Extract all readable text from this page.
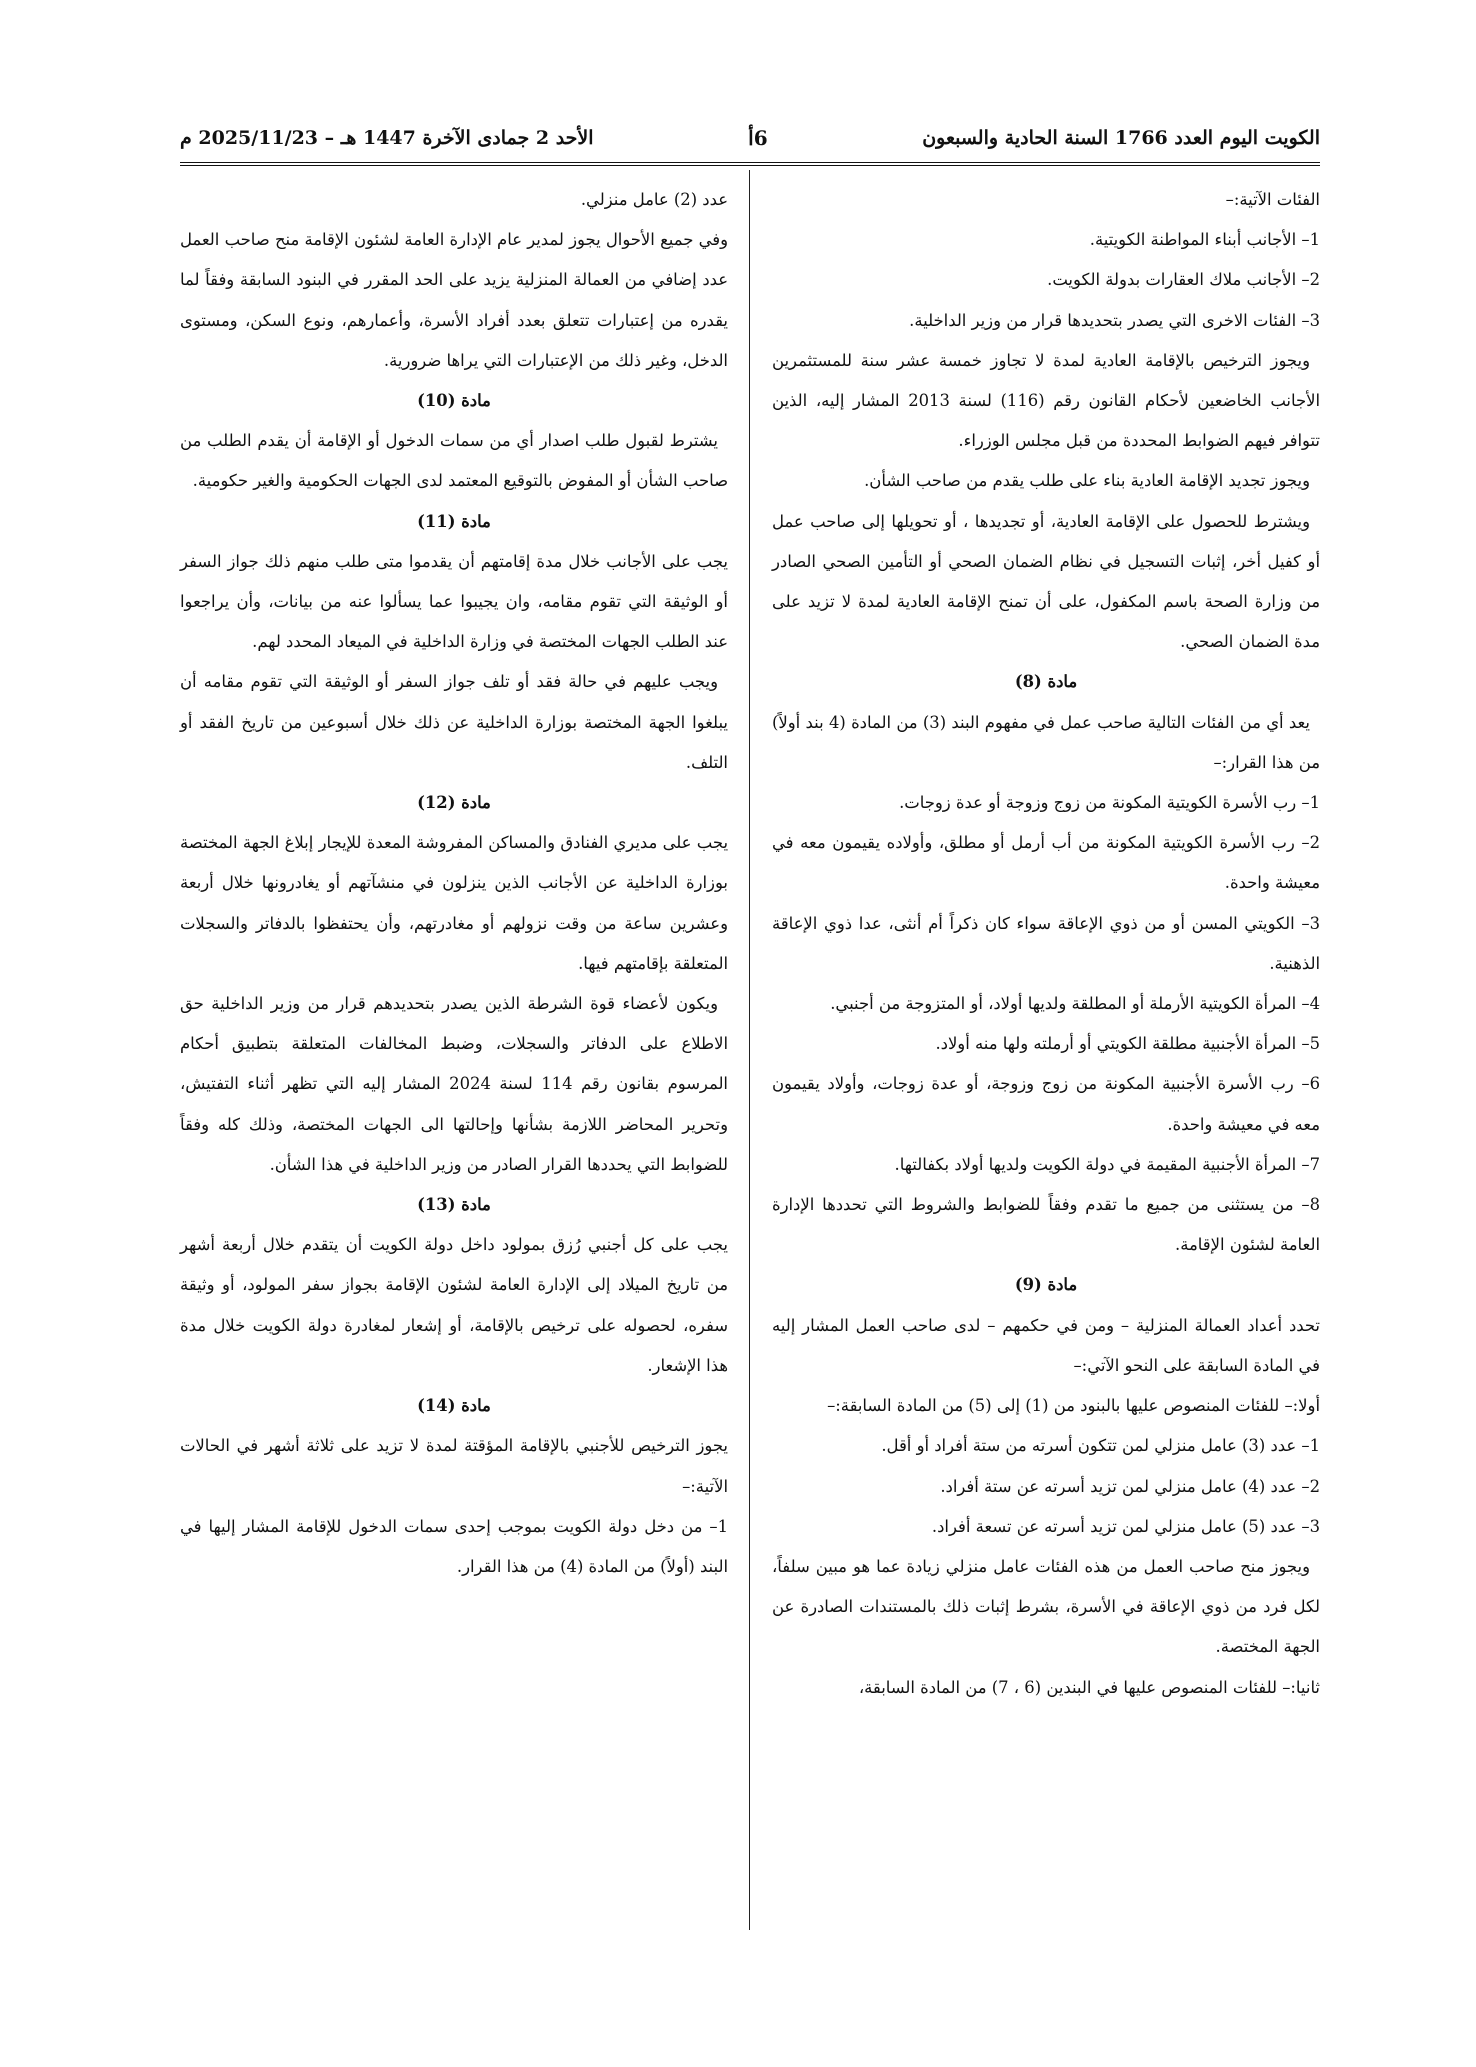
الكويت اليوم العدد 1766 السنة الحادية والسبعون
6أ
الأحد 2 جمادى الآخرة 1447 هـ – 2025/11/23 م

الفئات الآتية:–

1– الأجانب أبناء المواطنة الكويتية.

2– الأجانب ملاك العقارات بدولة الكويت.

3– الفئات الاخرى التي يصدر بتحديدها قرار من وزير الداخلية.

ويجوز الترخيص بالإقامة العادية لمدة لا تجاوز خمسة عشر سنة للمستثمرين الأجانب الخاضعين لأحكام القانون رقم (116) لسنة 2013 المشار إليه، الذين تتوافر فيهم الضوابط المحددة من قبل مجلس الوزراء.

ويجوز تجديد الإقامة العادية بناء على طلب يقدم من صاحب الشأن.

ويشترط للحصول على الإقامة العادية، أو تجديدها ، أو تحويلها إلى صاحب عمل أو كفيل أخر، إثبات التسجيل في نظام الضمان الصحي أو التأمين الصحي الصادر من وزارة الصحة باسم المكفول، على أن تمنح الإقامة العادية لمدة لا تزيد على مدة الضمان الصحي.

مادة (8)

يعد أي من الفئات التالية صاحب عمل في مفهوم البند (3) من المادة (4 بند أولاً) من هذا القرار:–

1– رب الأسرة الكويتية المكونة من زوج وزوجة أو عدة زوجات.

2– رب الأسرة الكويتية المكونة من أب أرمل أو مطلق، وأولاده يقيمون معه في معيشة واحدة.

3– الكويتي المسن أو من ذوي الإعاقة سواء كان ذكراً أم أنثى، عدا ذوي الإعاقة الذهنية.

4– المرأة الكويتية الأرملة أو المطلقة ولديها أولاد، أو المتزوجة من أجنبي.

5– المرأة الأجنبية مطلقة الكويتي أو أرملته ولها منه أولاد.

6– رب الأسرة الأجنبية المكونة من زوج وزوجة، أو عدة زوجات، وأولاد يقيمون معه في معيشة واحدة.

7– المرأة الأجنبية المقيمة في دولة الكويت ولديها أولاد بكفالتها.

8– من يستثنى من جميع ما تقدم وفقاً للضوابط والشروط التي تحددها الإدارة العامة لشئون الإقامة.

مادة (9)

تحدد أعداد العمالة المنزلية – ومن في حكمهم – لدى صاحب العمل المشار إليه في المادة السابقة على النحو الآتي:–

أولا:– للفئات المنصوص عليها بالبنود من (1) إلى (5) من المادة السابقة:–

1– عدد (3) عامل منزلي لمن تتكون أسرته من ستة أفراد أو أقل.

2– عدد (4) عامل منزلي لمن تزيد أسرته عن ستة أفراد.

3– عدد (5) عامل منزلي لمن تزيد أسرته عن تسعة أفراد.

ويجوز منح صاحب العمل من هذه الفئات عامل منزلي زيادة عما هو مبين سلفاً، لكل فرد من ذوي الإعاقة في الأسرة، بشرط إثبات ذلك بالمستندات الصادرة عن الجهة المختصة.

ثانيا:– للفئات المنصوص عليها في البندين (6 ، 7) من المادة السابقة،

عدد (2) عامل منزلي.

وفي جميع الأحوال يجوز لمدير عام الإدارة العامة لشئون الإقامة منح صاحب العمل عدد إضافي من العمالة المنزلية يزيد على الحد المقرر في البنود السابقة وفقاً لما يقدره من إعتبارات تتعلق بعدد أفراد الأسرة، وأعمارهم، ونوع السكن، ومستوى الدخل، وغير ذلك من الإعتبارات التي يراها ضرورية.

مادة (10)

يشترط لقبول طلب اصدار أي من سمات الدخول أو الإقامة أن يقدم الطلب من صاحب الشأن أو المفوض بالتوقيع المعتمد لدى الجهات الحكومية والغير حكومية.

مادة (11)

يجب على الأجانب خلال مدة إقامتهم أن يقدموا متى طلب منهم ذلك جواز السفر أو الوثيقة التي تقوم مقامه، وان يجيبوا عما يسألوا عنه من بيانات، وأن يراجعوا عند الطلب الجهات المختصة في وزارة الداخلية في الميعاد المحدد لهم.

ويجب عليهم في حالة فقد أو تلف جواز السفر أو الوثيقة التي تقوم مقامه أن يبلغوا الجهة المختصة بوزارة الداخلية عن ذلك خلال أسبوعين من تاريخ الفقد أو التلف.

مادة (12)

يجب على مديري الفنادق والمساكن المفروشة المعدة للإيجار إبلاغ الجهة المختصة بوزارة الداخلية عن الأجانب الذين ينزلون في منشآتهم أو يغادرونها خلال أربعة وعشرين ساعة من وقت نزولهم أو مغادرتهم، وأن يحتفظوا بالدفاتر والسجلات المتعلقة بإقامتهم فيها.

ويكون لأعضاء قوة الشرطة الذين يصدر بتحديدهم قرار من وزير الداخلية حق الاطلاع على الدفاتر والسجلات، وضبط المخالفات المتعلقة بتطبيق أحكام المرسوم بقانون رقم 114 لسنة 2024 المشار إليه التي تظهر أثناء التفتيش، وتحرير المحاضر اللازمة بشأنها وإحالتها الى الجهات المختصة، وذلك كله وفقاً للضوابط التي يحددها القرار الصادر من وزير الداخلية في هذا الشأن.

مادة (13)

يجب على كل أجنبي رُزق بمولود داخل دولة الكويت أن يتقدم خلال أربعة أشهر من تاريخ الميلاد إلى الإدارة العامة لشئون الإقامة بجواز سفر المولود، أو وثيقة سفره، لحصوله على ترخيص بالإقامة، أو إشعار لمغادرة دولة الكويت خلال مدة هذا الإشعار.

مادة (14)

يجوز الترخيص للأجنبي بالإقامة المؤقتة لمدة لا تزيد على ثلاثة أشهر في الحالات الآتية:–

1– من دخل دولة الكويت بموجب إحدى سمات الدخول للإقامة المشار إليها في البند (أولاً) من المادة (4) من هذا القرار.
